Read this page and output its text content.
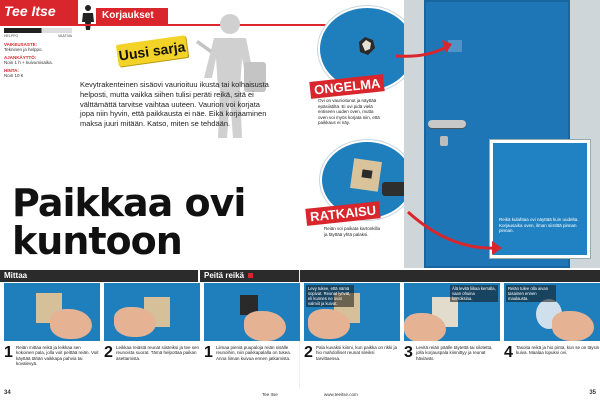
Tee Itse	Korjaukset
HELPPO	VAATIVA
VAIKEUSASTE:
Tekninen ja helppo.
AJANKÄYTTÖ:
Noin 1 h + kuivumisaika.
HINTA:
Noin 10 €
Uusi sarja

Kevytrakenteinen sisäovi vaurioituu ikusta tai kolhaisusta helposti, mutta vaikka siihen tulisi peräti reikä, sitä ei välttämättä tarvitse vaihtaa uuteen. Vaurion voi korjata jopa niin hyvin, että paikkausta ei näe. Eikä korjaaminen maksa juuri mitään. Katso, miten se tehdään.

Paikkaa ovi
kuntoon
ONGELMA
Ovi on vaurioitunut ja näyttää epäsiistiltä. Ei ovi pidä vielä entiseen uuden oven, mutta oven voi myös korjata niin, että paikkaus ei näy.
RATKAISU
Reiän voi paikata kartonkilla ja täyttää yhtä palaksi.
Reikä kulahtaa ovi näyttää kuin uudelta. Korjausaika oven, ilman siistittä pinnan pinnan.
Mittaa	Peitä reikä
1 Reiän mittaa reikä ja leikkaa sen kokoinen pala, jolla voit peittää reiän. Voit käyttää tähän vaikkapa pahvia tai kovalevyä.

2 Leikkaa reiästä reunat siisteiksi ja tee sen reunoista suorat. Tämä helpottaa paikan asettamista.	1 Liimaa pieniä puupaloja reiän sisälle reunoihin, niin paikkapalalla on tukea. Anna liiman kuivua ennen jatkamista.

Levy tukee, että nämä sopivat. Reunat lyövät, eli kunnes ne ovat valmiit ja kuivat.
2 Pala kuvaksi kiinni, kun paikka on rikki ja hio mahdolliset reunat sileiksi tarvittaessa.

Älä levitä liikaa kerralla, vaan ohuina kerroksina.
3 Levitä reiän päälle täytettä tai silotetta, jolla korjauspala kiinnittyy ja reunat häviävät.

Reiän tulee olla aivan tasainen ennen maalausta.
4 Tasoita reikä ja hio pinta, kun se on täysin kuiva. Maalaa lopuksi ovi.

34	Tee Itse	www.teeitse.com	35
